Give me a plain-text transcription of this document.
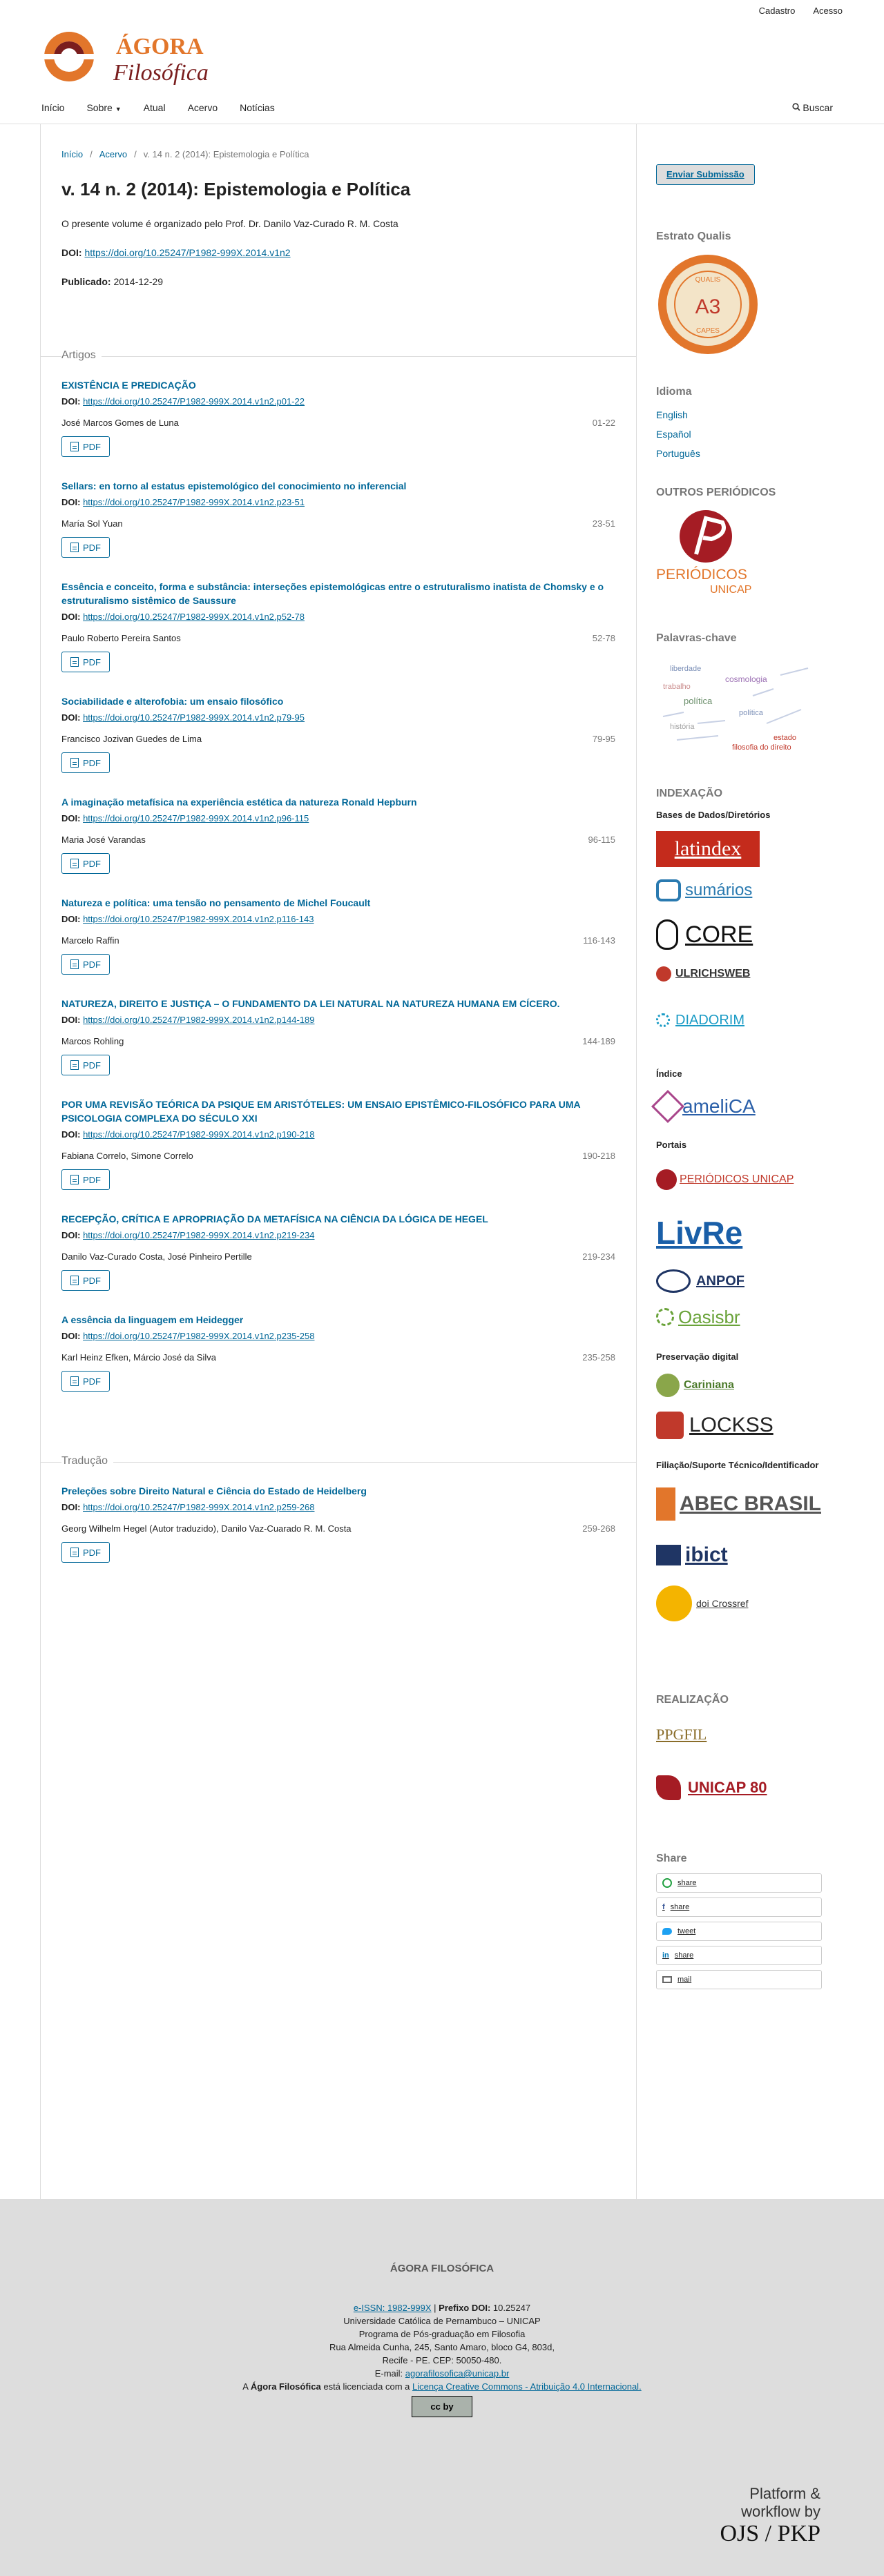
Cadastro Acesso
ÁGORA
Filosófica
Início Sobre ▼ Atual Acervo Notícias	Buscar
Início / Acervo / v. 14 n. 2 (2014): Epistemologia e Política
v. 14 n. 2 (2014): Epistemologia e Política

O presente volume é organizado pelo Prof. Dr. Danilo Vaz-Curado R. M. Costa

DOI: https://doi.org/10.25247/P1982-999X.2014.v1n2

Publicado: 2014-12-29

Artigos
EXISTÊNCIA E PREDICAÇÃO
DOI: https://doi.org/10.25247/P1982-999X.2014.v1n2.p01-22
José Marcos Gomes de Luna	01-22
PDF
Sellars: en torno al estatus epistemológico del conocimiento no inferencial
DOI: https://doi.org/10.25247/P1982-999X.2014.v1n2.p23-51
María Sol Yuan	23-51
PDF
Essência e conceito, forma e substância: interseções epistemológicas entre o estruturalismo inatista de Chomsky e o estruturalismo sistêmico de Saussure
DOI: https://doi.org/10.25247/P1982-999X.2014.v1n2.p52-78
Paulo Roberto Pereira Santos	52-78
PDF
Sociabilidade e alterofobia: um ensaio filosófico
DOI: https://doi.org/10.25247/P1982-999X.2014.v1n2.p79-95
Francisco Jozivan Guedes de Lima	79-95
PDF
A imaginação metafísica na experiência estética da natureza Ronald Hepburn
DOI: https://doi.org/10.25247/P1982-999X.2014.v1n2.p96-115
Maria José Varandas	96-115
PDF
Natureza e política: uma tensão no pensamento de Michel Foucault
DOI: https://doi.org/10.25247/P1982-999X.2014.v1n2.p116-143
Marcelo Raffin	116-143
PDF
NATUREZA, DIREITO E JUSTIÇA – O FUNDAMENTO DA LEI NATURAL NA NATUREZA HUMANA EM CÍCERO.
DOI: https://doi.org/10.25247/P1982-999X.2014.v1n2.p144-189
Marcos Rohling	144-189
PDF
POR UMA REVISÃO TEÓRICA DA PSIQUE EM ARISTÓTELES: UM ENSAIO EPISTÊMICO-FILOSÓFICO PARA UMA PSICOLOGIA COMPLEXA DO SÉCULO XXI
DOI: https://doi.org/10.25247/P1982-999X.2014.v1n2.p190-218
Fabiana Correlo, Simone Correlo	190-218
PDF
RECEPÇÃO, CRÍTICA E APROPRIAÇÃO DA METAFÍSICA NA CIÊNCIA DA LÓGICA DE HEGEL
DOI: https://doi.org/10.25247/P1982-999X.2014.v1n2.p219-234
Danilo Vaz-Curado Costa, José Pinheiro Pertille	219-234
PDF
A essência da linguagem em Heidegger
DOI: https://doi.org/10.25247/P1982-999X.2014.v1n2.p235-258
Karl Heinz Efken, Márcio José da Silva	235-258
PDF
Tradução
Preleções sobre Direito Natural e Ciência do Estado de Heidelberg
DOI: https://doi.org/10.25247/P1982-999X.2014.v1n2.p259-268
Georg Wilhelm Hegel (Autor traduzido), Danilo Vaz-Cuarado R. M. Costa	259-268
PDF
Enviar Submissão
Estrato Qualis
QUALIS
A3
CAPES
Idioma
English
Español
Português
OUTROS PERIÓDICOS
PERIÓDICOS
UNICAP
Palavras-chave
liberdade
cosmologia
trabalho
política
política
filosofia do direito
história
estado
INDEXAÇÃO
Bases de Dados/Diretórios
latindex
sumários
CORE
ULRICHSWEB
DIADORIM
Índice
ameliCA
Portais
PERIÓDICOS UNICAP
LivRe
ANPOF
Oasisbr
Preservação digital
Cariniana
LOCKSS
Filiação/Suporte Técnico/Identificador
ABEC BRASIL
ibict
doi Crossref
REALIZAÇÃO
PPGFIL
UNICAP 80
Share
share
f share
tweet
in share
mail
ÁGORA FILOSÓFICA
e-ISSN: 1982-999X | Prefixo DOI: 10.25247
Universidade Católica de Pernambuco – UNICAP
Programa de Pós-graduação em Filosofia
Rua Almeida Cunha, 245, Santo Amaro, bloco G4, 803d,
Recife - PE. CEP: 50050-480.
E-mail: agorafilosofica@unicap.br
A Ágora Filosófica está licenciada com a Licença Creative Commons - Atribuição 4.0 Internacional.
cc by
Platform &
workflow by
OJS / PKP
